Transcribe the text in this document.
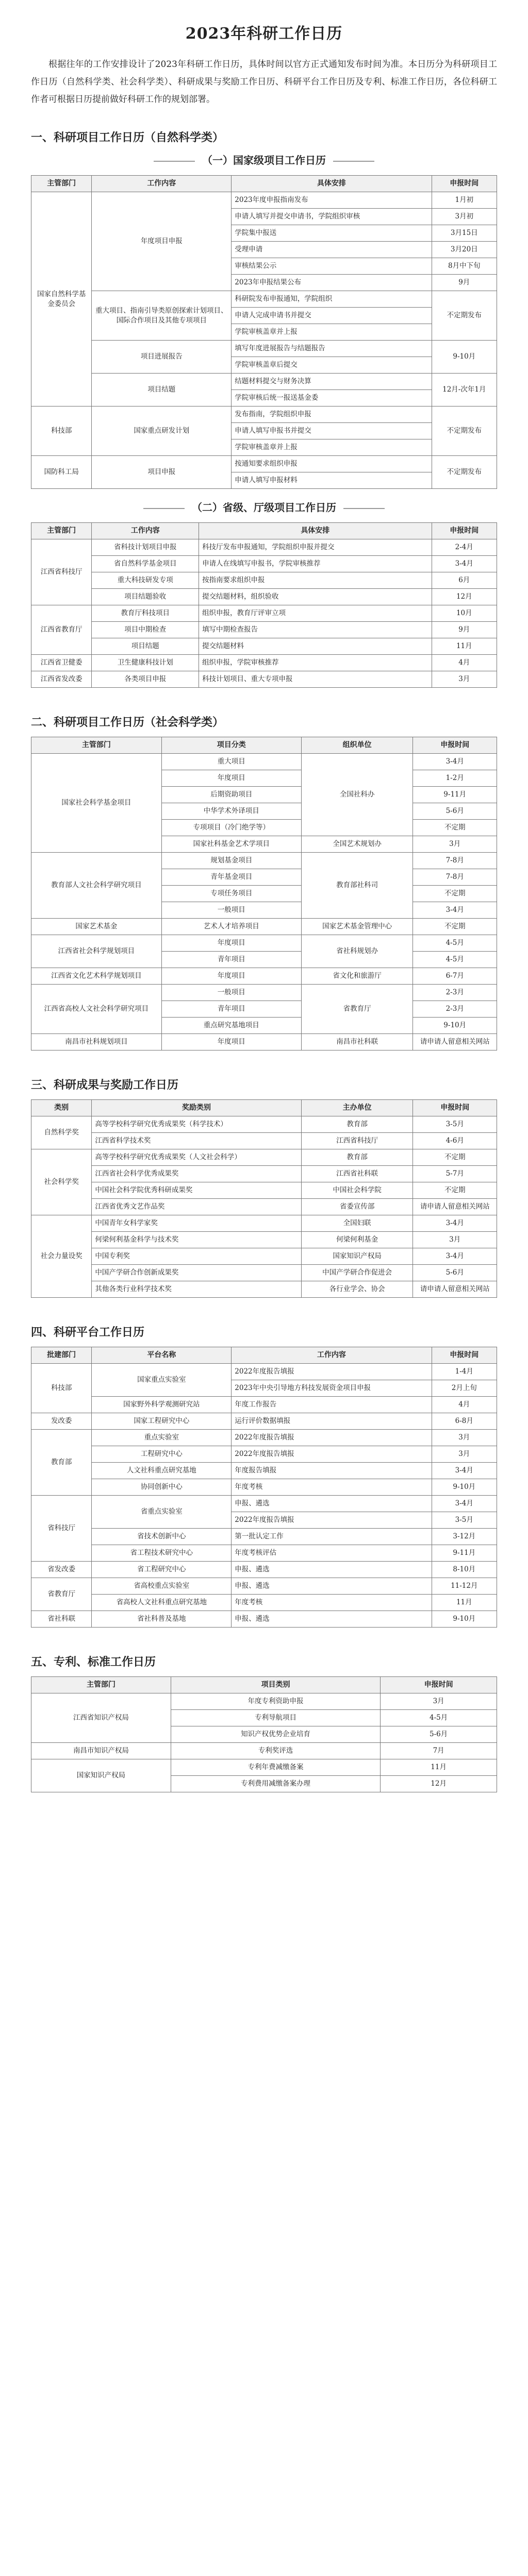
2023年科研工作日历

根据往年的工作安排设计了2023年科研工作日历，具体时间以官方正式通知发布时间为准。本日历分为科研项目工作日历（自然科学类、社会科学类）、科研成果与奖励工作日历、科研平台工作日历及专利、标准工作日历，各位科研工作者可根据日历提前做好科研工作的规划部署。

一、科研项目工作日历（自然科学类）
（一）国家级项目工作日历
主管部门	工作内容	具体安排	申报时间
国家自然科学基金委员会	年度项目申报	2023年度申报指南发布	1月初
		申请人填写并提交申请书，学院组织审核	3月初
		学院集中报送	3月15日
		受理申请	3月20日
		审核结果公示	8月中下旬
		2023年申报结果公布	9月
	重大项目、指南引导类原创探索计划项目、国际合作项目及其他专项项目	科研院发布申报通知，学院组织	不定期发布
		申请人完成申请书并提交	
		学院审核盖章并上报	
	项目进展报告	填写年度进展报告与结题报告	9-10月
		学院审核盖章后提交	
	项目结题	结题材料提交与财务决算	12月-次年1月
		学院审核后统一报送基金委	
科技部	国家重点研发计划	发布指南，学院组织申报	不定期发布
		申请人填写申报书并提交	
		学院审核盖章并上报	
国防科工局	项目申报	按通知要求组织申报	不定期发布
		申请人填写申报材料	
（二）省级、厅级项目工作日历
主管部门	工作内容	具体安排	申报时间
江西省科技厅	省科技计划项目申报	科技厅发布申报通知，学院组织申报并提交	2-4月
	省自然科学基金项目	申请人在线填写申报书，学院审核推荐	3-4月
	重大科技研发专项	按指南要求组织申报	6月
	项目结题验收	提交结题材料，组织验收	12月
江西省教育厅	教育厅科技项目	组织申报，教育厅评审立项	10月
	项目中期检查	填写中期检查报告	9月
	项目结题	提交结题材料	11月
江西省卫健委	卫生健康科技计划	组织申报，学院审核推荐	4月
江西省发改委	各类项目申报	科技计划项目、重大专项申报	3月
二、科研项目工作日历（社会科学类）
主管部门	项目分类	组织单位	申报时间
国家社会科学基金项目	重大项目	全国社科办	3-4月
	年度项目		1-2月
	后期资助项目		9-11月
	中华学术外译项目		5-6月
	专项项目（冷门绝学等）		不定期
	国家社科基金艺术学项目	全国艺术规划办	3月
教育部人文社会科学研究项目	规划基金项目	教育部社科司	7-8月
	青年基金项目		7-8月
	专项任务项目		不定期
	一般项目		3-4月
国家艺术基金	艺术人才培养项目	国家艺术基金管理中心	不定期
江西省社会科学规划项目	年度项目	省社科规划办	4-5月
	青年项目		4-5月
江西省文化艺术科学规划项目	年度项目	省文化和旅游厅	6-7月
江西省高校人文社会科学研究项目	一般项目	省教育厅	2-3月
	青年项目		2-3月
	重点研究基地项目		9-10月
南昌市社科规划项目	年度项目	南昌市社科联	请申请人留意相关网站
三、科研成果与奖励工作日历
类别	奖励类别	主办单位	申报时间
自然科学奖	高等学校科学研究优秀成果奖（科学技术）	教育部	3-5月
	江西省科学技术奖	江西省科技厅	4-6月
社会科学奖	高等学校科学研究优秀成果奖（人文社会科学）	教育部	不定期
	江西省社会科学优秀成果奖	江西省社科联	5-7月
	中国社会科学院优秀科研成果奖	中国社会科学院	不定期
	江西省优秀文艺作品奖	省委宣传部	请申请人留意相关网站
社会力量设奖	中国青年女科学家奖	全国妇联	3-4月
	何梁何利基金科学与技术奖	何梁何利基金	3月
	中国专利奖	国家知识产权局	3-4月
	中国产学研合作创新成果奖	中国产学研合作促进会	5-6月
	其他各类行业科学技术奖	各行业学会、协会	请申请人留意相关网站
四、科研平台工作日历
批建部门	平台名称	工作内容	申报时间
科技部	国家重点实验室	2022年度报告填报	1-4月
		2023年中央引导地方科技发展资金项目申报	2月上旬
	国家野外科学观测研究站	年度工作报告	4月
发改委	国家工程研究中心	运行评价数据填报	6-8月
教育部	重点实验室	2022年度报告填报	3月
	工程研究中心	2022年度报告填报	3月
	人文社科重点研究基地	年度报告填报	3-4月
	协同创新中心	年度考核	9-10月
省科技厅	省重点实验室	申报、遴选	3-4月
		2022年度报告填报	3-5月
	省技术创新中心	第一批认定工作	3-12月
	省工程技术研究中心	年度考核评估	9-11月
省发改委	省工程研究中心	申报、遴选	8-10月
省教育厅	省高校重点实验室	申报、遴选	11-12月
	省高校人文社科重点研究基地	年度考核	11月
省社科联	省社科普及基地	申报、遴选	9-10月
五、专利、标准工作日历
主管部门	项目类别	申报时间
江西省知识产权局	年度专利资助申报	3月
	专利导航项目	4-5月
	知识产权优势企业培育	5-6月
南昌市知识产权局	专利奖评选	7月
国家知识产权局	专利年费减缴备案	11月
	专利费用减缴备案办理	12月
